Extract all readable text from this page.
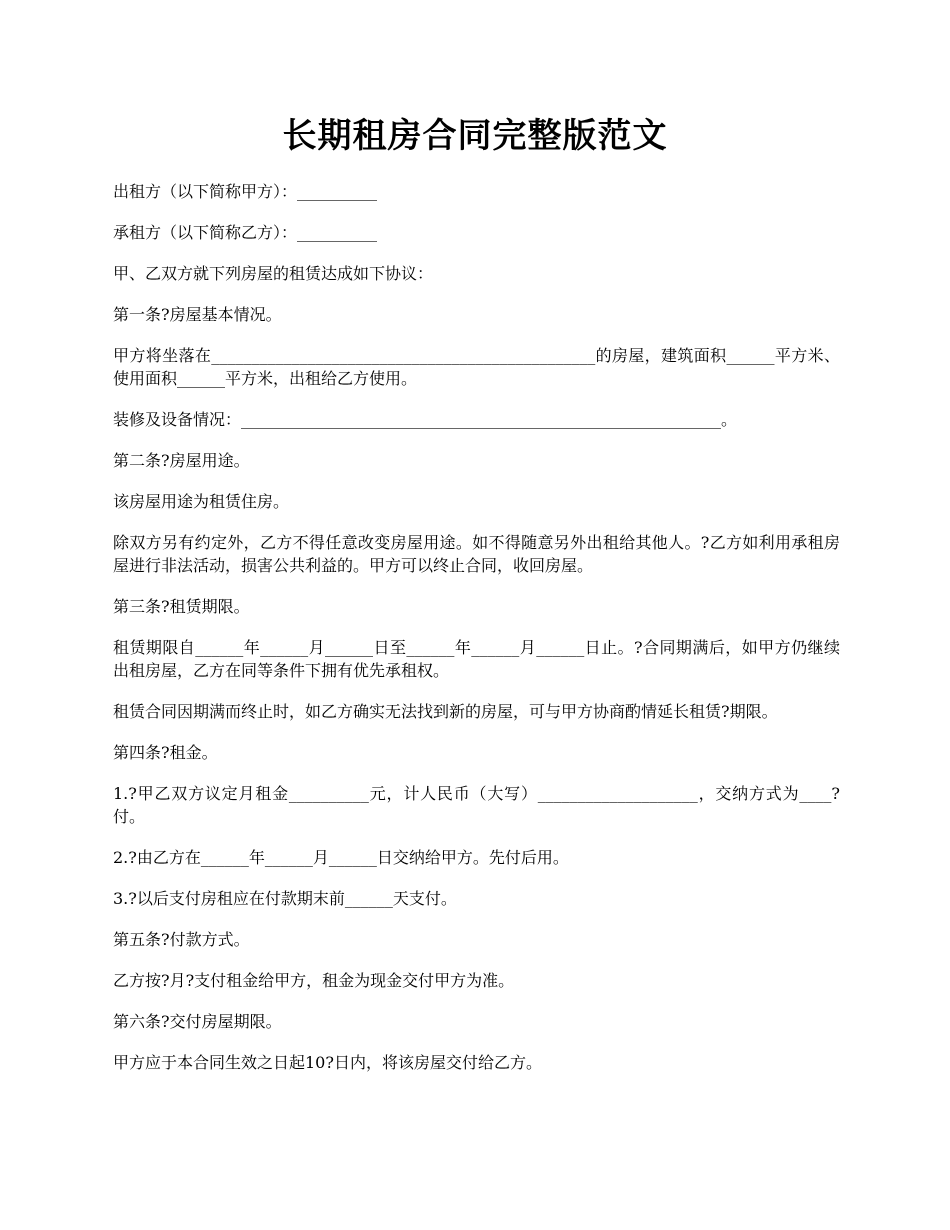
长期租房合同完整版范文

出租方（以下简称甲方）：__________

承租方（以下简称乙方）：__________

甲、乙双方就下列房屋的租赁达成如下协议：

第一条?房屋基本情况。

甲方将坐落在________________________________________________的房屋，建筑面积______平方米、使用面积______平方米，出租给乙方使用。

装修及设备情况：____________________________________________________________。

第二条?房屋用途。

该房屋用途为租赁住房。

除双方另有约定外，乙方不得任意改变房屋用途。如不得随意另外出租给其他人。?乙方如利用承租房屋进行非法活动，损害公共利益的。甲方可以终止合同，收回房屋。

第三条?租赁期限。

租赁期限自______年______月______日至______年______月______日止。?合同期满后，如甲方仍继续出租房屋，乙方在同等条件下拥有优先承租权。

租赁合同因期满而终止时，如乙方确实无法找到新的房屋，可与甲方协商酌情延长租赁?期限。

第四条?租金。

1.?甲乙双方议定月租金__________元，计人民币（大写）____________________，交纳方式为____?付。

2.?由乙方在______年______月______日交纳给甲方。先付后用。

3.?以后支付房租应在付款期末前______天支付。

第五条?付款方式。

乙方按?月?支付租金给甲方，租金为现金交付甲方为准。

第六条?交付房屋期限。

甲方应于本合同生效之日起10?日内，将该房屋交付给乙方。
